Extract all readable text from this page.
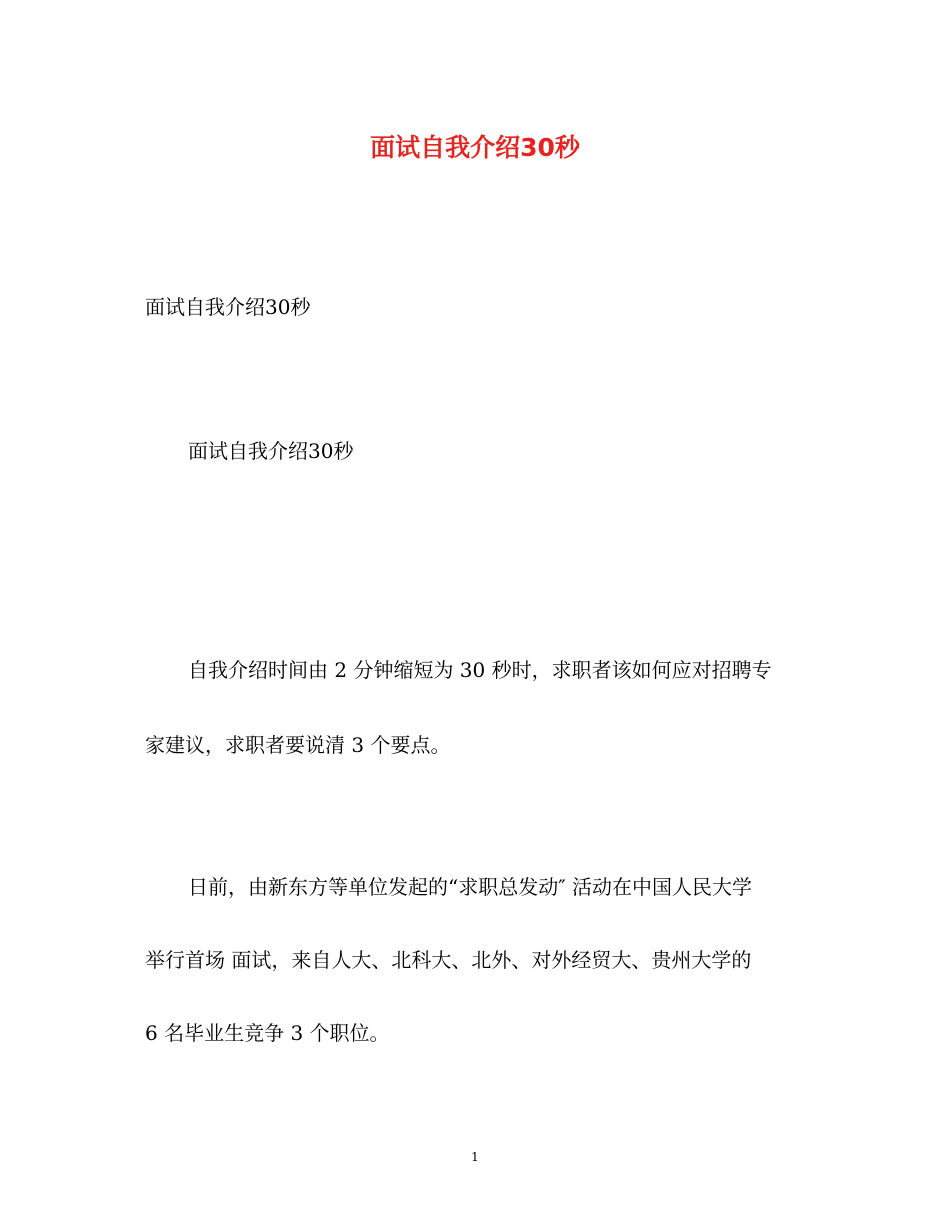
面试自我介绍30秒
面试自我介绍30秒
面试自我介绍30秒
自我介绍时间由 2 分钟缩短为 30 秒时，求职者该如何应对招聘专
家建议，求职者要说清 3 个要点。
日前，由新东方等单位发起的“求职总发动″ 活动在中国人民大学
举行首场 面试，来自人大、北科大、北外、对外经贸大、贵州大学的
6 名毕业生竞争 3 个职位。
1
